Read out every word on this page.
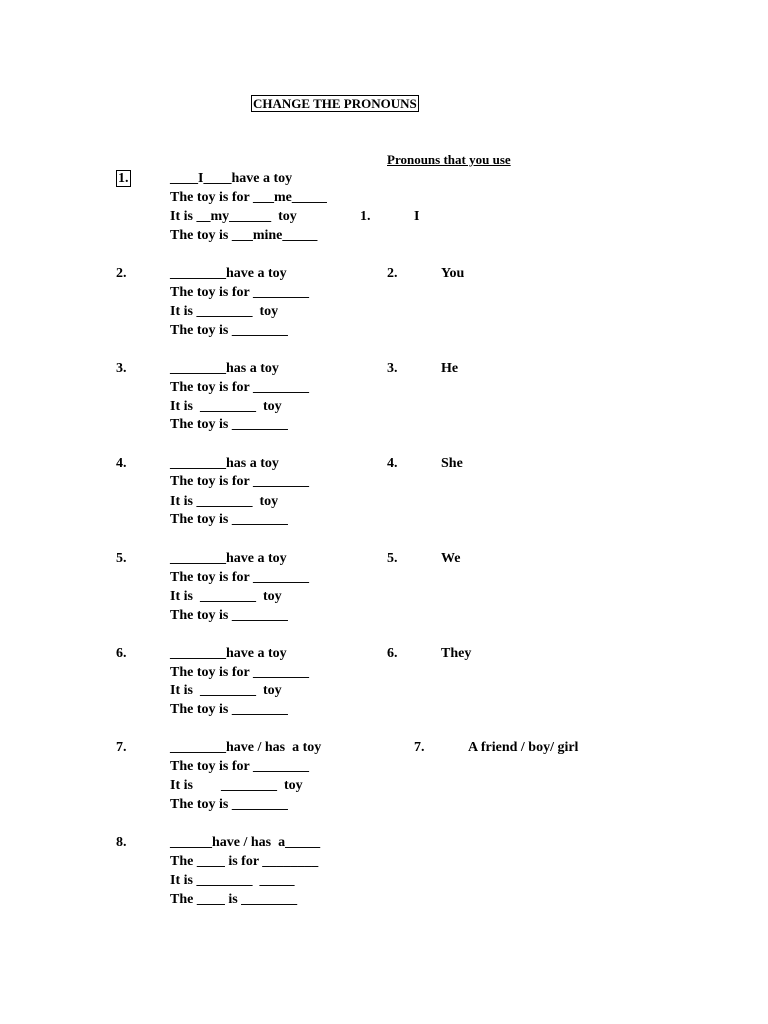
CHANGE THE PRONOUNS
Pronouns that you use
1.	____I____have a toy
The toy is for ___me_____
It is __my______  toy
The toy is ___mine_____
2.	________have a toy
The toy is for ________
It is ________  toy
The toy is ________
3.	________has a toy
The toy is for ________
It is  ________  toy
The toy is ________
4.	________has a toy
The toy is for ________
It is ________  toy
The toy is ________
5.	________have a toy
The toy is for ________
It is  ________  toy
The toy is ________
6.	________have a toy
The toy is for ________
It is  ________  toy
The toy is ________
7.	________have / has  a toy
The toy is for ________
It is        ________  toy
The toy is ________
8.	______have / has  a_____
The ____ is for ________
It is ________  _____
The ____ is ________
1.	I
2.	You
3.	He
4.	She
5.	We
6.	They
7.	A friend / boy/ girl
